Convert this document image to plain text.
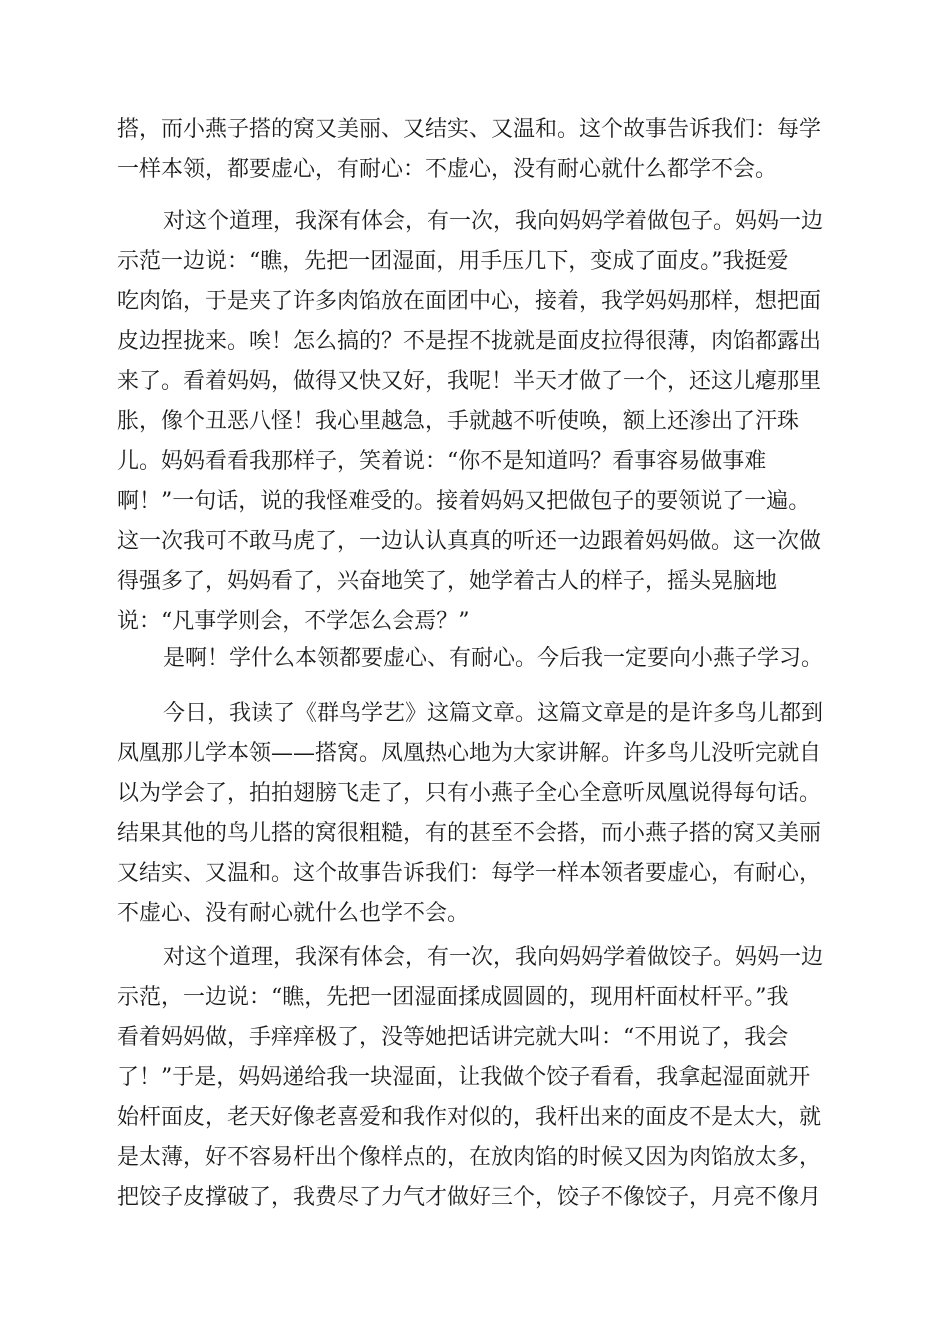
搭，而小燕子搭的窝又美丽、又结实、又温和。这个故事告诉我们：每学
一样本领，都要虚心，有耐心：不虚心，没有耐心就什么都学不会。
对这个道理，我深有体会，有一次，我向妈妈学着做包子。妈妈一边
示范一边说：“瞧，先把一团湿面，用手压几下，变成了面皮。”我挺爱
吃肉馅，于是夹了许多肉馅放在面团中心，接着，我学妈妈那样，想把面
皮边捏拢来。唉！怎么搞的？不是捏不拢就是面皮拉得很薄，肉馅都露出
来了。看着妈妈，做得又快又好，我呢！半天才做了一个，还这儿瘪那里
胀，像个丑恶八怪！我心里越急，手就越不听使唤，额上还渗出了汗珠
儿。妈妈看看我那样子，笑着说：“你不是知道吗？看事容易做事难
啊！”一句话，说的我怪难受的。接着妈妈又把做包子的要领说了一遍。
这一次我可不敢马虎了，一边认认真真的听还一边跟着妈妈做。这一次做
得强多了，妈妈看了，兴奋地笑了，她学着古人的样子，摇头晃脑地
说：“凡事学则会，不学怎么会焉？”
是啊！学什么本领都要虚心、有耐心。今后我一定要向小燕子学习。
今日，我读了《群鸟学艺》这篇文章。这篇文章是的是许多鸟儿都到
凤凰那儿学本领——搭窝。凤凰热心地为大家讲解。许多鸟儿没听完就自
以为学会了，拍拍翅膀飞走了，只有小燕子全心全意听凤凰说得每句话。
结果其他的鸟儿搭的窝很粗糙，有的甚至不会搭，而小燕子搭的窝又美丽
又结实、又温和。这个故事告诉我们：每学一样本领者要虚心，有耐心，
不虚心、没有耐心就什么也学不会。
对这个道理，我深有体会，有一次，我向妈妈学着做饺子。妈妈一边
示范，一边说：“瞧，先把一团湿面揉成圆圆的，现用杆面杖杆平。”我
看着妈妈做，手痒痒极了，没等她把话讲完就大叫：“不用说了，我会
了！”于是，妈妈递给我一块湿面，让我做个饺子看看，我拿起湿面就开
始杆面皮，老天好像老喜爱和我作对似的，我杆出来的面皮不是太大，就
是太薄，好不容易杆出个像样点的，在放肉馅的时候又因为肉馅放太多，
把饺子皮撑破了，我费尽了力气才做好三个，饺子不像饺子，月亮不像月
